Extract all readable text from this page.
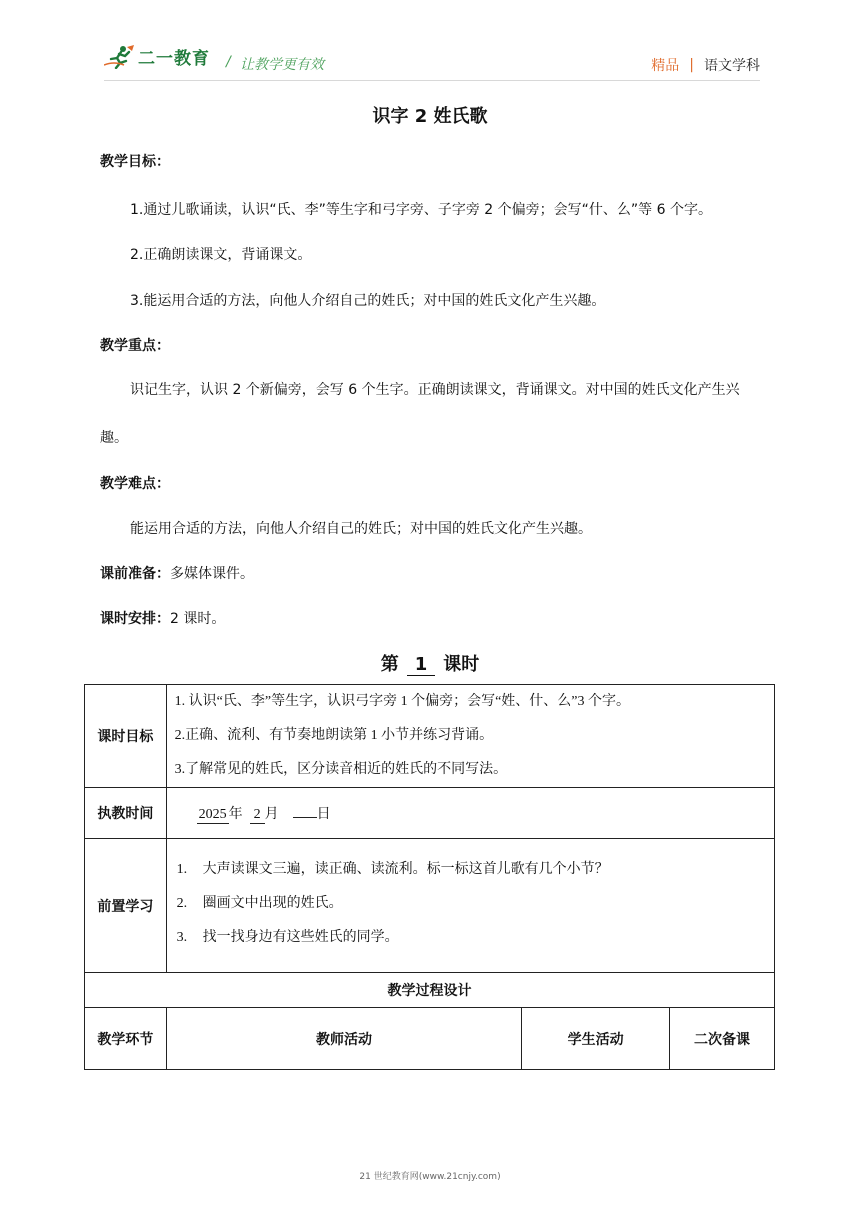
二一教育 / 让教学更有效	精品 | 语文学科
识字 2 姓氏歌
教学目标：
1.通过儿歌诵读，认识“氏、李”等生字和弓字旁、子字旁 2 个偏旁；会写“什、么”等 6 个字。
2.正确朗读课文，背诵课文。
3.能运用合适的方法，向他人介绍自己的姓氏；对中国的姓氏文化产生兴趣。
教学重点：
识记生字，认识 2 个新偏旁，会写 6 个生字。正确朗读课文，背诵课文。对中国的姓氏文化产生兴趣。
教学难点：
能运用合适的方法，向他人介绍自己的姓氏；对中国的姓氏文化产生兴趣。
课前准备：多媒体课件。
课时安排：2 课时。
第 1 课时
课时目标	1. 认识“氏、李”等生字，认识弓字旁 1 个偏旁；会写“姓、什、么”3 个字。
2.正确、流利、有节奏地朗读第 1 小节并练习背诵。
3.了解常见的姓氏，区分读音相近的姓氏的不同写法。		

执教时间	2025 年 2 月 日		
前置学习	1. 大声读课文三遍，读正确、读流利。标一标这首儿歌有几个小节？
2. 圈画文中出现的姓氏。
3. 找一找身边有这些姓氏的同学。		

教学过程设计			
教学环节	教师活动	学生活动	二次备课
21 世纪教育网(www.21cnjy.com)
